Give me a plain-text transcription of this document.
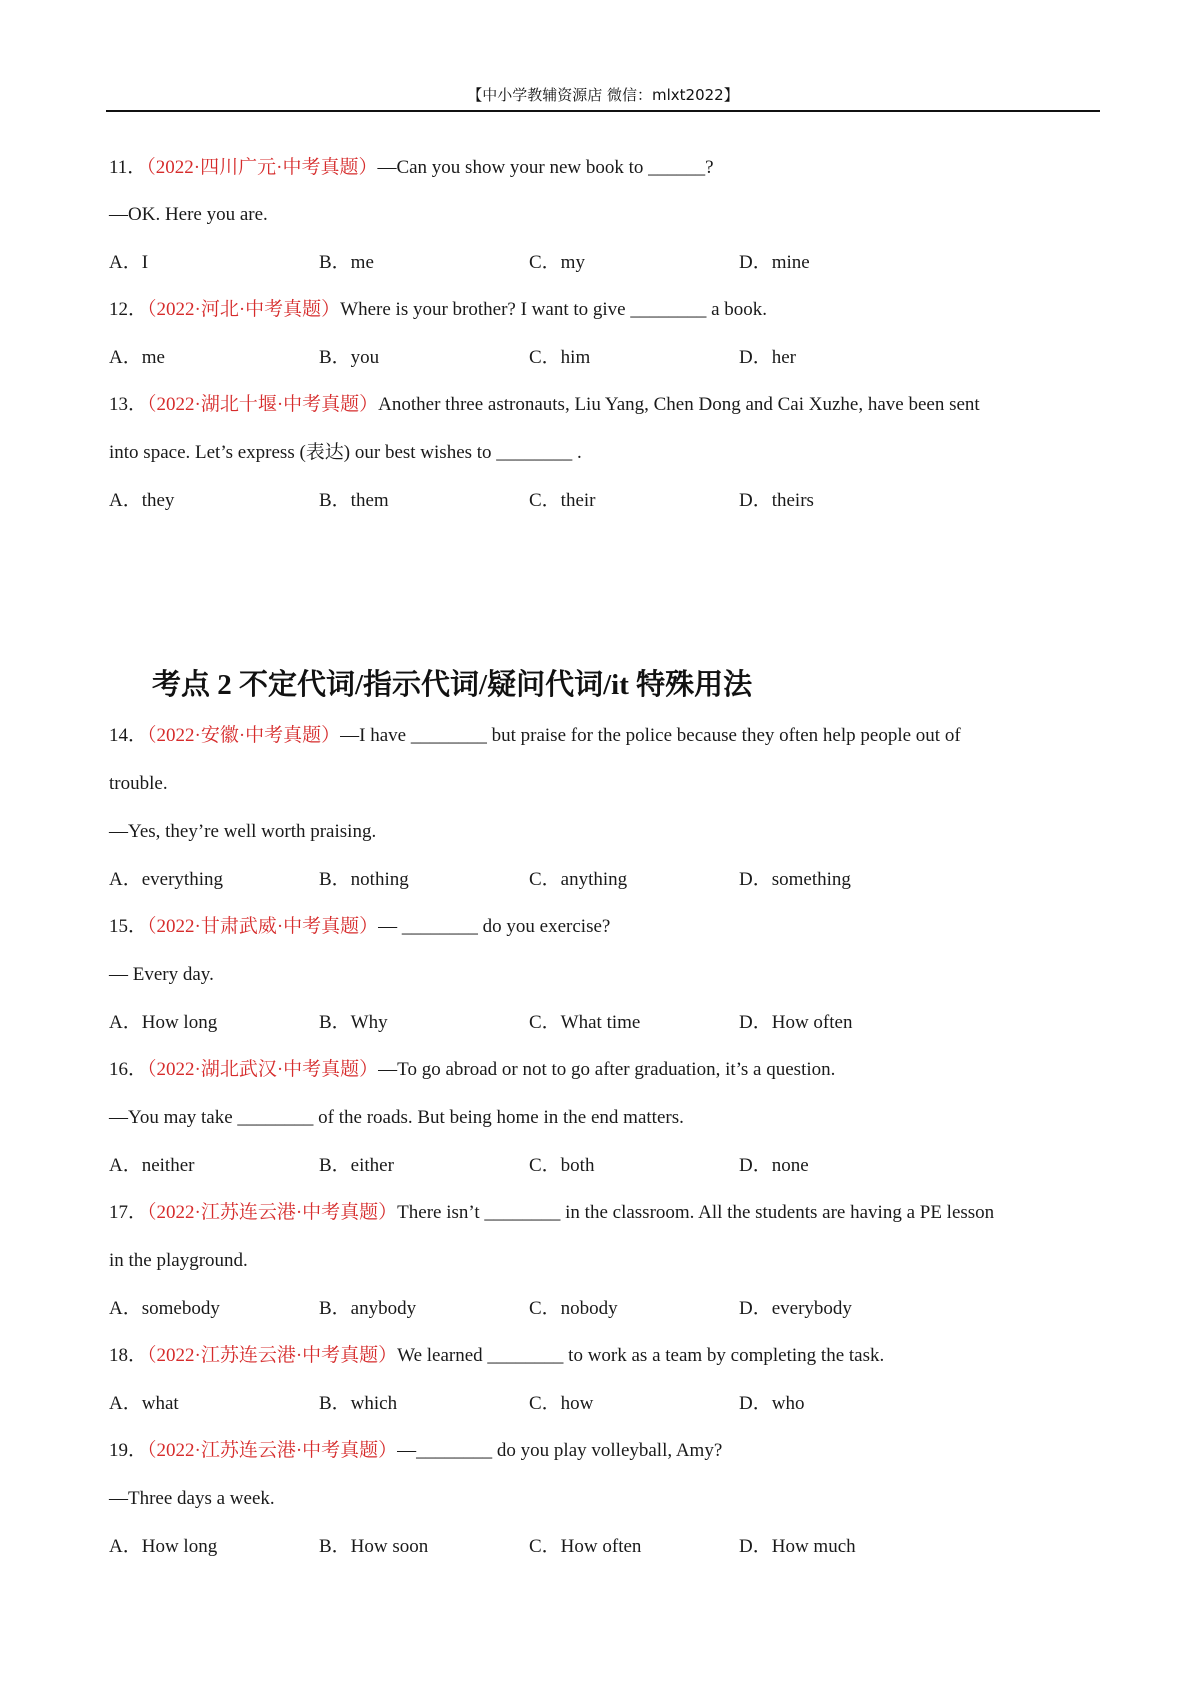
【中小学教辅资源店 微信：mlxt2022】
11．（2022·四川广元·中考真题）—Can you show your new book to ______?
—OK. Here you are.
A．I	B．me	C．my	D．mine
12．（2022·河北·中考真题）Where is your brother? I want to give ________ a book.
A．me	B．you	C．him	D．her
13．（2022·湖北十堰·中考真题）Another three astronauts, Liu Yang, Chen Dong and Cai Xuzhe, have been sent
into space. Let’s express (表达) our best wishes to ________ .
A．they	B．them	C．their	D．theirs
考点 2 不定代词/指示代词/疑问代词/it 特殊用法
14．（2022·安徽·中考真题）—I have ________ but praise for the police because they often help people out of
trouble.
—Yes, they’re well worth praising.
A．everything	B．nothing	C．anything	D．something
15．（2022·甘肃武威·中考真题）— ________ do you exercise?
— Every day.
A．How long	B．Why	C．What time	D．How often
16．（2022·湖北武汉·中考真题）—To go abroad or not to go after graduation, it’s a question.
—You may take ________ of the roads. But being home in the end matters.
A．neither	B．either	C．both	D．none
17．（2022·江苏连云港·中考真题）There isn’t ________ in the classroom. All the students are having a PE lesson
in the playground.
A．somebody	B．anybody	C．nobody	D．everybody
18．（2022·江苏连云港·中考真题）We learned ________ to work as a team by completing the task.
A．what	B．which	C．how	D．who
19．（2022·江苏连云港·中考真题）—________ do you play volleyball, Amy?
—Three days a week.
A．How long	B．How soon	C．How often	D．How much
